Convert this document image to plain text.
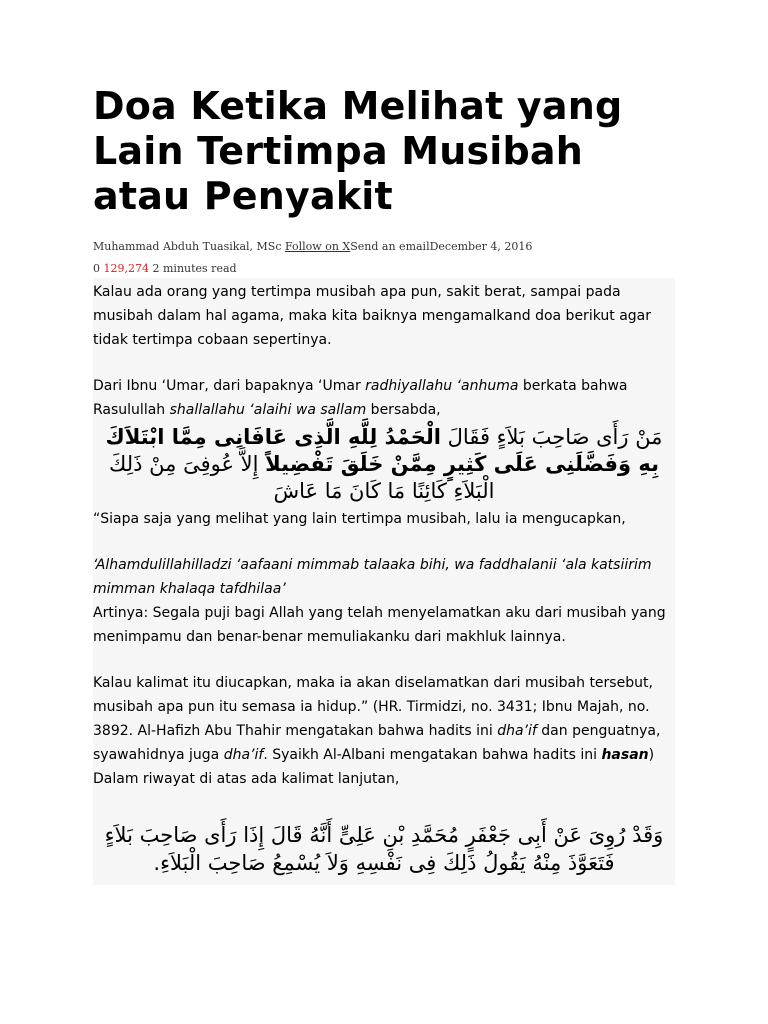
Doa Ketika Melihat yang Lain Tertimpa Musibah atau Penyakit
Muhammad Abduh Tuasikal, MSc Follow on XSend an emailDecember 4, 2016
0 129,274 2 minutes read

Kalau ada orang yang tertimpa musibah apa pun, sakit berat, sampai pada musibah dalam hal agama, maka kita baiknya mengamalkand doa berikut agar tidak tertimpa cobaan sepertinya.

Dari Ibnu ‘Umar, dari bapaknya ‘Umar radhiyallahu ‘anhuma berkata bahwa Rasulullah shallallahu ‘alaihi wa sallam bersabda,

مَنْ رَأَى صَاحِبَ بَلاَءٍ فَقَالَ الْحَمْدُ لِلَّهِ الَّذِى عَافَانِى مِمَّا ابْتَلاَكَ بِهِ وَفَضَّلَنِى عَلَى كَثِيرٍ مِمَّنْ خَلَقَ تَفْضِيلاً إِلاَّ عُوفِىَ مِنْ ذَلِكَ الْبَلاَءِ كَائِنًا مَا كَانَ مَا عَاشَ

“Siapa saja yang melihat yang lain tertimpa musibah, lalu ia mengucapkan,

‘Alhamdulillahilladzi ‘aafaani mimmab talaaka bihi, wa faddhalanii ‘ala katsiirim mimman khalaqa tafdhilaa’

Artinya: Segala puji bagi Allah yang telah menyelamatkan aku dari musibah yang menimpamu dan benar-benar memuliakanku dari makhluk lainnya.

Kalau kalimat itu diucapkan, maka ia akan diselamatkan dari musibah tersebut, musibah apa pun itu semasa ia hidup.” (HR. Tirmidzi, no. 3431; Ibnu Majah, no. 3892. Al-Hafizh Abu Thahir mengatakan bahwa hadits ini dha’if dan penguatnya, syawahidnya juga dha’if. Syaikh Al-Albani mengatakan bahwa hadits ini hasan)

Dalam riwayat di atas ada kalimat lanjutan,

وَقَدْ رُوِىَ عَنْ أَبِى جَعْفَرٍ مُحَمَّدِ بْنِ عَلِىٍّ أَنَّهُ قَالَ إِذَا رَأَى صَاحِبَ بَلاَءٍ فَتَعَوَّذَ مِنْهُ يَقُولُ ذَلِكَ فِى نَفْسِهِ وَلاَ يُسْمِعُ صَاحِبَ الْبَلاَءِ.
